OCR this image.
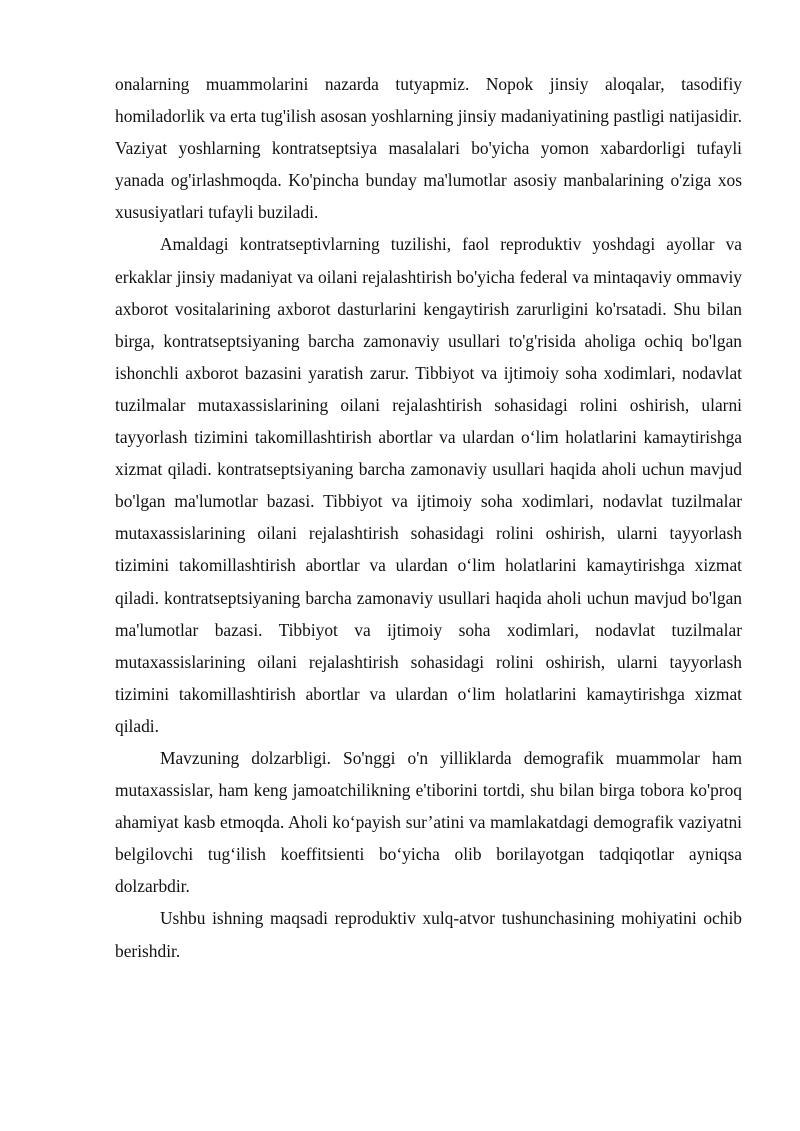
onalarning muammolarini nazarda tutyapmiz. Nopok jinsiy aloqalar, tasodifiy homiladorlik va erta tug'ilish asosan yoshlarning jinsiy madaniyatining pastligi natijasidir. Vaziyat yoshlarning kontratseptsiya masalalari bo'yicha yomon xabardorligi tufayli yanada og'irlashmoqda. Ko'pincha bunday ma'lumotlar asosiy manbalarining o'ziga xos xususiyatlari tufayli buziladi.

Amaldagi kontratseptivlarning tuzilishi, faol reproduktiv yoshdagi ayollar va erkaklar jinsiy madaniyat va oilani rejalashtirish bo'yicha federal va mintaqaviy ommaviy axborot vositalarining axborot dasturlarini kengaytirish zarurligini ko'rsatadi. Shu bilan birga, kontratseptsiyaning barcha zamonaviy usullari to'g'risida aholiga ochiq bo'lgan ishonchli axborot bazasini yaratish zarur. Tibbiyot va ijtimoiy soha xodimlari, nodavlat tuzilmalar mutaxassislarining oilani rejalashtirish sohasidagi rolini oshirish, ularni tayyorlash tizimini takomillashtirish abortlar va ulardan o‘lim holatlarini kamaytirishga xizmat qiladi. kontratseptsiyaning barcha zamonaviy usullari haqida aholi uchun mavjud bo'lgan ma'lumotlar bazasi. Tibbiyot va ijtimoiy soha xodimlari, nodavlat tuzilmalar mutaxassislarining oilani rejalashtirish sohasidagi rolini oshirish, ularni tayyorlash tizimini takomillashtirish abortlar va ulardan o‘lim holatlarini kamaytirishga xizmat qiladi. kontratseptsiyaning barcha zamonaviy usullari haqida aholi uchun mavjud bo'lgan ma'lumotlar bazasi. Tibbiyot va ijtimoiy soha xodimlari, nodavlat tuzilmalar mutaxassislarining oilani rejalashtirish sohasidagi rolini oshirish, ularni tayyorlash tizimini takomillashtirish abortlar va ulardan o‘lim holatlarini kamaytirishga xizmat qiladi.

Mavzuning dolzarbligi. So'nggi o'n yilliklarda demografik muammolar ham mutaxassislar, ham keng jamoatchilikning e'tiborini tortdi, shu bilan birga tobora ko'proq ahamiyat kasb etmoqda. Aholi ko‘payish sur’atini va mamlakatdagi demografik vaziyatni belgilovchi tug‘ilish koeffitsienti bo‘yicha olib borilayotgan tadqiqotlar ayniqsa dolzarbdir.

Ushbu ishning maqsadi reproduktiv xulq-atvor tushunchasining mohiyatini ochib berishdir.
